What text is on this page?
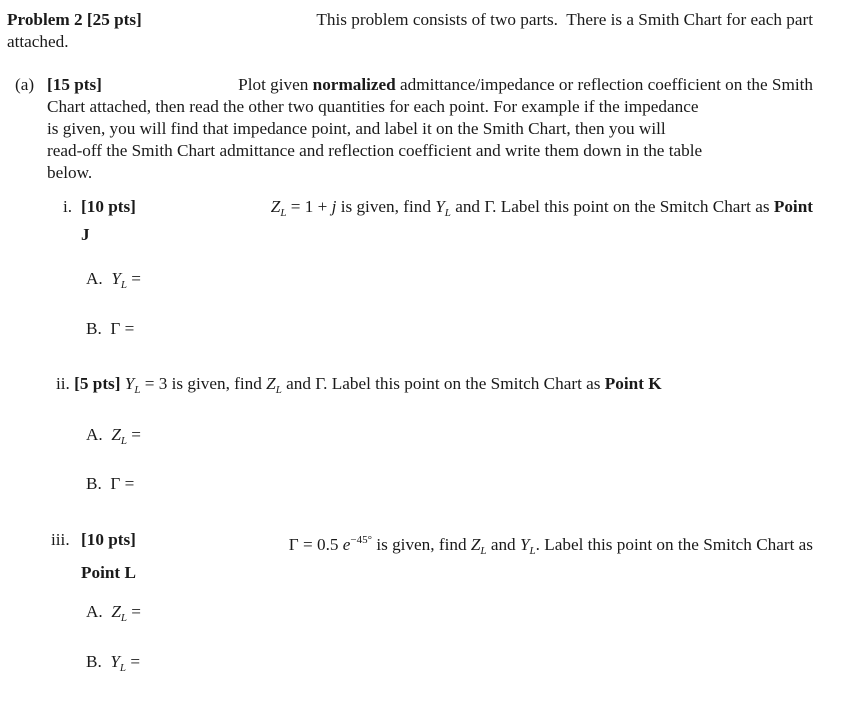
Problem 2 [25 pts]	This problem consists of two parts.  There is a Smith Chart for each part
attached.
(a) [15 pts]	Plot given normalized admittance/impedance or reflection coefficient on the Smith
Chart attached, then read the other two quantities for each point. For example if the impedance
is given, you will find that impedance point, and label it on the Smith Chart, then you will
read-off the Smith Chart admittance and reflection coefficient and write them down in the table
below.
i. [10 pts]	$Z_L = 1 + j$ is given, find $Y_L$ and Γ. Label this point on the Smitch Chart as Point
J
A. $Y_L$ =
B. Γ =
ii. [5 pts] $Y_L = 3$ is given, find $Z_L$ and Γ. Label this point on the Smitch Chart as Point K
A. $Z_L$ =
B. Γ =
iii. [10 pts]	Γ = 0.5 $e^{-45^\circ}$ is given, find $Z_L$ and $Y_L$. Label this point on the Smitch Chart as
Point L
A. $Z_L$ =
B. $Y_L$ =
